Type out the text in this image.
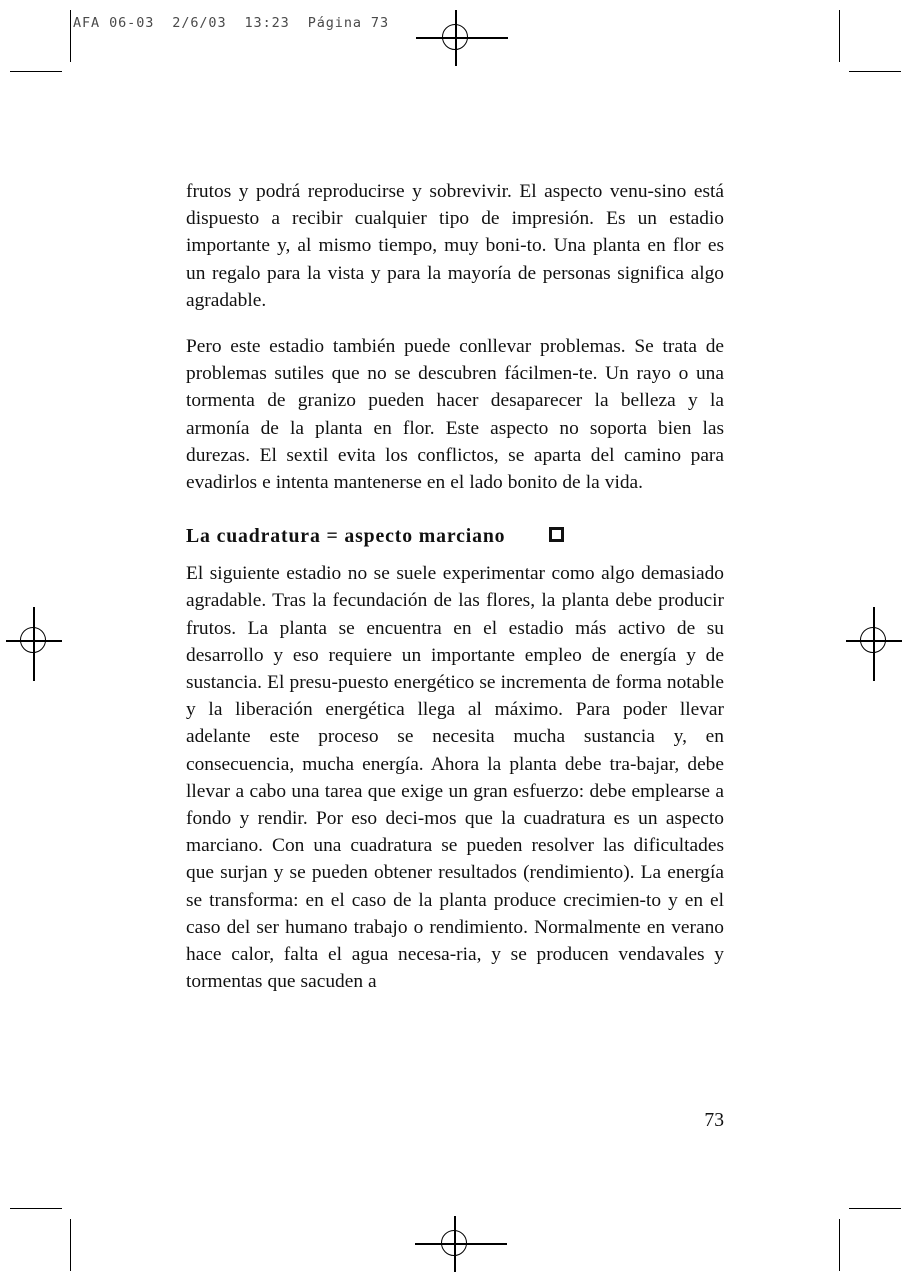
AFA 06-03  2/6/03  13:23  Página 73

frutos y podrá reproducirse y sobrevivir. El aspecto venu-sino está dispuesto a recibir cualquier tipo de impresión. Es un estadio importante y, al mismo tiempo, muy boni-to. Una planta en flor es un regalo para la vista y para la mayoría de personas significa algo agradable.

Pero este estadio también puede conllevar problemas. Se trata de problemas sutiles que no se descubren fácilmen-te. Un rayo o una tormenta de granizo pueden hacer desaparecer la belleza y la armonía de la planta en flor. Este aspecto no soporta bien las durezas. El sextil evita los conflictos, se aparta del camino para evadirlos e intenta mantenerse en el lado bonito de la vida.

La cuadratura = aspecto marciano

El siguiente estadio no se suele experimentar como algo demasiado agradable. Tras la fecundación de las flores, la planta debe producir frutos. La planta se encuentra en el estadio más activo de su desarrollo y eso requiere un importante empleo de energía y de sustancia. El presu-puesto energético se incrementa de forma notable y la liberación energética llega al máximo. Para poder llevar adelante este proceso se necesita mucha sustancia y, en consecuencia, mucha energía. Ahora la planta debe tra-bajar, debe llevar a cabo una tarea que exige un gran esfuerzo: debe emplearse a fondo y rendir. Por eso deci-mos que la cuadratura es un aspecto marciano. Con una cuadratura se pueden resolver las dificultades que surjan y se pueden obtener resultados (rendimiento). La energía se transforma: en el caso de la planta produce crecimien-to y en el caso del ser humano trabajo o rendimiento. Normalmente en verano hace calor, falta el agua necesa-ria, y se producen vendavales y tormentas que sacuden a

73
